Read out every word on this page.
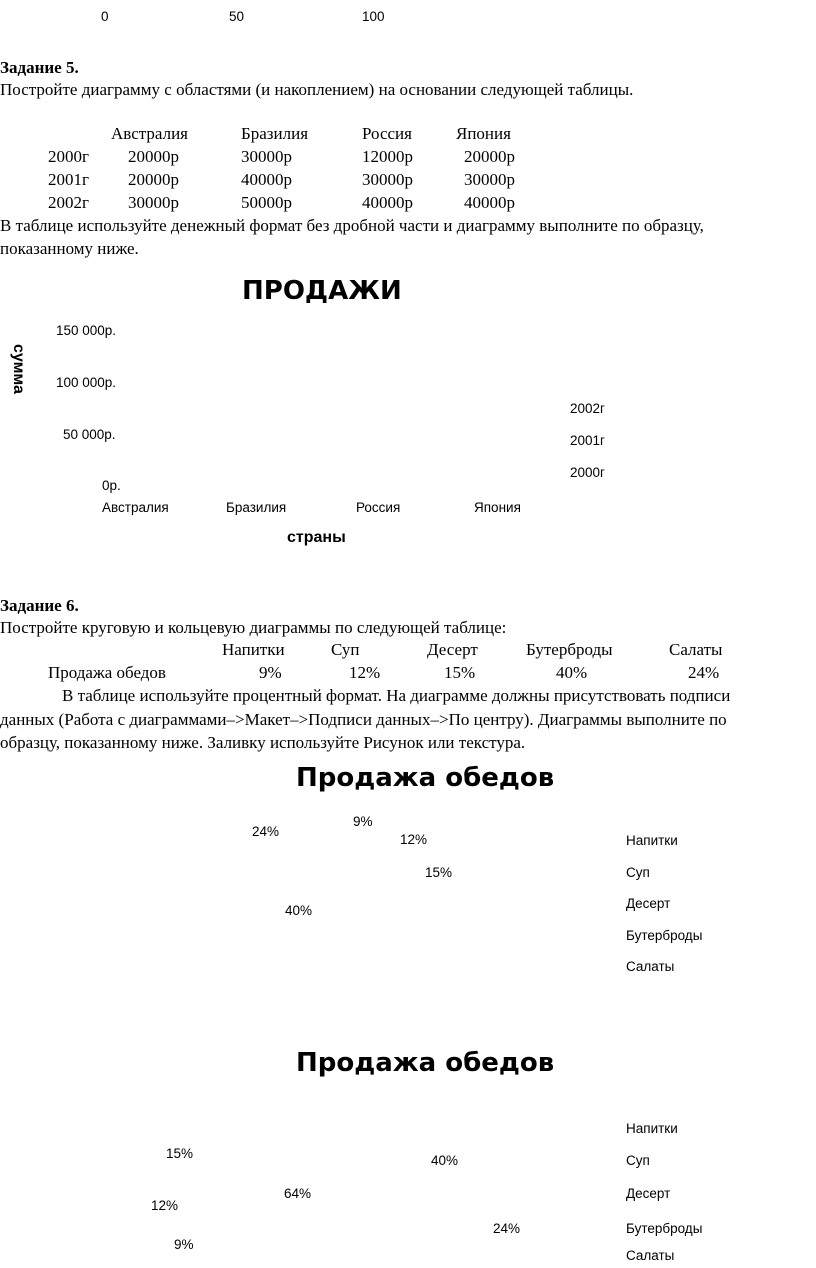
0	50	100
Задание 5.
Постройте диаграмму с областями (и накоплением) на основании следующей таблицы.
Австралия	Бразилия	Россия	Япония
2000г 20000р	30000р	12000р	20000р
2001г 20000р	40000р	30000р	30000р
2002г 30000р	50000р	40000р	40000р
В таблице используйте денежный формат без дробной части и диаграмму выполните по образцу,
показанному ниже.
ПРОДАЖИ
сумма
150 000р.
100 000р.
50 000р.
0р.
Австралия	Бразилия	Россия	Япония
страны
2002г
2001г
2000г
Задание 6.
Постройте круговую и кольцевую диаграммы по следующей таблице:
Напитки	Суп	Десерт	Бутерброды	Салаты
Продажа обедов	9%	12%	15%	40%	24%
В таблице используйте процентный формат. На диаграмме должны присутствовать подписи
данных (Работа с диаграммами–>Макет–>Подписи данных–>По центру). Диаграммы выполните по
образцу, показанному ниже. Заливку используйте Рисунок или текстура.
Продажа обедов
9%
24%
12%
15%
40%
Напитки
Суп
Десерт
Бутерброды
Салаты
Продажа обедов
15%	40%
64%
12%
24%
9%
Напитки
Суп
Десерт
Бутерброды
Салаты
